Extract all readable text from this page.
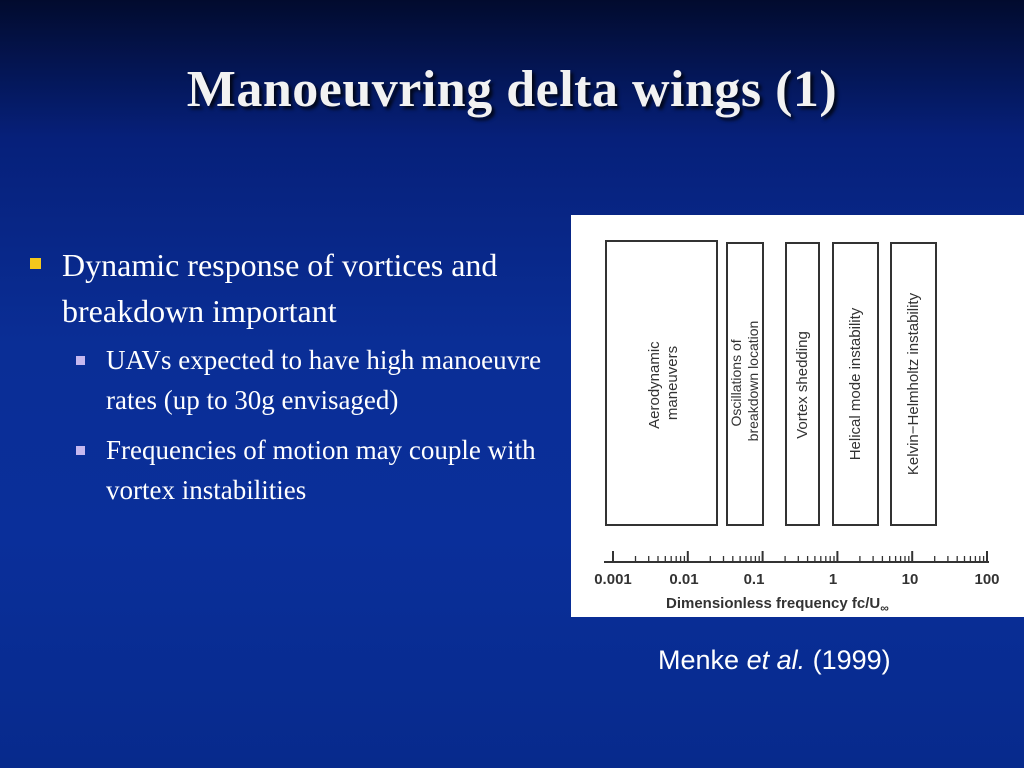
Manoeuvring delta wings (1)
Dynamic response of vortices and breakdown important
UAVs expected to have high manoeuvre rates (up to 30g envisaged)
Frequencies of motion may couple with vortex instabilities
Aerodynamic maneuvers	Oscillations of breakdown location Vortex shedding Helical mode instability	Kelvin−Helmholtz instability
0.001	0.01	0.1	1	10	100
Dimensionless frequency $fc/U_\infty$
Menke et al. (1999)
